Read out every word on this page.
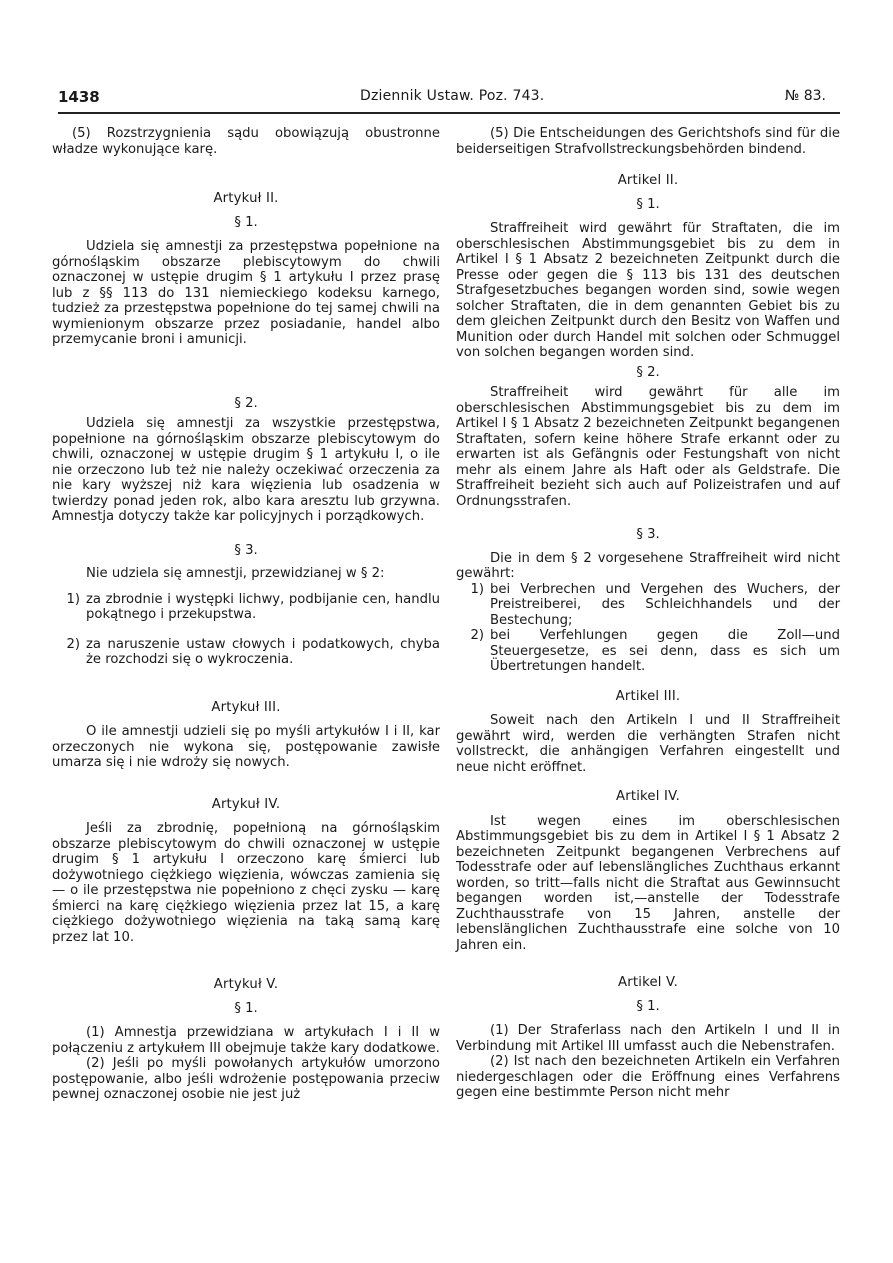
1438	Dziennik Ustaw. Poz. 743.	№ 83.

(5) Rozstrzygnienia sądu obowiązują obustronne władze wykonujące karę.

Artykuł II.

§ 1.

Udziela się amnestji za przestępstwa popełnione na górnośląskim obszarze plebiscytowym do chwili oznaczonej w ustępie drugim § 1 artykułu I przez prasę lub z §§ 113 do 131 niemieckiego kodeksu karnego, tudzież za przestępstwa popełnione do tej samej chwili na wymienionym obszarze przez posiadanie, handel albo przemycanie broni i amunicji.

§ 2.

Udziela się amnestji za wszystkie przestępstwa, popełnione na górnośląskim obszarze plebiscytowym do chwili, oznaczonej w ustępie drugim § 1 artykułu I, o ile nie orzeczono lub też nie należy oczekiwać orzeczenia za nie kary wyższej niż kara więzienia lub osadzenia w twierdzy ponad jeden rok, albo kara aresztu lub grzywna. Amnestja dotyczy także kar policyjnych i porządkowych.

§ 3.

Nie udziela się amnestji, przewidzianej w § 2:

1) za zbrodnie i występki lichwy, podbijanie cen, handlu pokątnego i przekupstwa.
2) za naruszenie ustaw cłowych i podatkowych, chyba że rozchodzi się o wykroczenia.

Artykuł III.

O ile amnestji udzieli się po myśli artykułów I i II, kar orzeczonych nie wykona się, postępowanie zawisłe umarza się i nie wdroży się nowych.

Artykuł IV.

Jeśli za zbrodnię, popełnioną na górnośląskim obszarze plebiscytowym do chwili oznaczonej w ustępie drugim § 1 artykułu I orzeczono karę śmierci lub dożywotniego ciężkiego więzienia, wówczas zamienia się — o ile przestępstwa nie popełniono z chęci zysku — karę śmierci na karę ciężkiego więzienia przez lat 15, a karę ciężkiego dożywotniego więzienia na taką samą karę przez lat 10.

Artykuł V.

§ 1.

(1) Amnestja przewidziana w artykułach I i II w połączeniu z artykułem III obejmuje także kary dodatkowe.

(2) Jeśli po myśli powołanych artykułów umorzono postępowanie, albo jeśli wdrożenie postępowania przeciw pewnej oznaczonej osobie nie jest już

(5) Die Entscheidungen des Gerichtshofs sind für die beiderseitigen Strafvollstreckungsbehörden bindend.

Artikel II.

§ 1.

Straffreiheit wird gewährt für Straftaten, die im oberschlesischen Abstimmungsgebiet bis zu dem in Artikel I § 1 Absatz 2 bezeichneten Zeitpunkt durch die Presse oder gegen die § 113 bis 131 des deutschen Strafgesetzbuches begangen worden sind, sowie wegen solcher Straftaten, die in dem genannten Gebiet bis zu dem gleichen Zeitpunkt durch den Besitz von Waffen und Munition oder durch Handel mit solchen oder Schmuggel von solchen begangen worden sind.

§ 2.

Straffreiheit wird gewährt für alle im oberschlesischen Abstimmungsgebiet bis zu dem im Artikel I § 1 Absatz 2 bezeichneten Zeitpunkt begangenen Straftaten, sofern keine höhere Strafe erkannt oder zu erwarten ist als Gefängnis oder Festungshaft von nicht mehr als einem Jahre als Haft oder als Geldstrafe. Die Straffreiheit bezieht sich auch auf Polizeistrafen und auf Ordnungsstrafen.

§ 3.

Die in dem § 2 vorgesehene Straffreiheit wird nicht gewährt:

1) bei Verbrechen und Vergehen des Wuchers, der Preistreiberei, des Schleichhandels und der Bestechung;
2) bei Verfehlungen gegen die Zoll—und Steuergesetze, es sei denn, dass es sich um Übertretungen handelt.

Artikel III.

Soweit nach den Artikeln I und II Straffreiheit gewährt wird, werden die verhängten Strafen nicht vollstreckt, die anhängigen Verfahren eingestellt und neue nicht eröffnet.

Artikel IV.

Ist wegen eines im oberschlesischen Abstimmungsgebiet bis zu dem in Artikel I § 1 Absatz 2 bezeichneten Zeitpunkt begangenen Verbrechens auf Todesstrafe oder auf lebenslängliches Zuchthaus erkannt worden, so tritt—falls nicht die Straftat aus Gewinnsucht begangen worden ist,—anstelle der Todesstrafe Zuchthausstrafe von 15 Jahren, anstelle der lebenslänglichen Zuchthausstrafe eine solche von 10 Jahren ein.

Artikel V.

§ 1.

(1) Der Straferlass nach den Artikeln I und II in Verbindung mit Artikel III umfasst auch die Nebenstrafen.

(2) Ist nach den bezeichneten Artikeln ein Verfahren niedergeschlagen oder die Eröffnung eines Verfahrens gegen eine bestimmte Person nicht mehr
